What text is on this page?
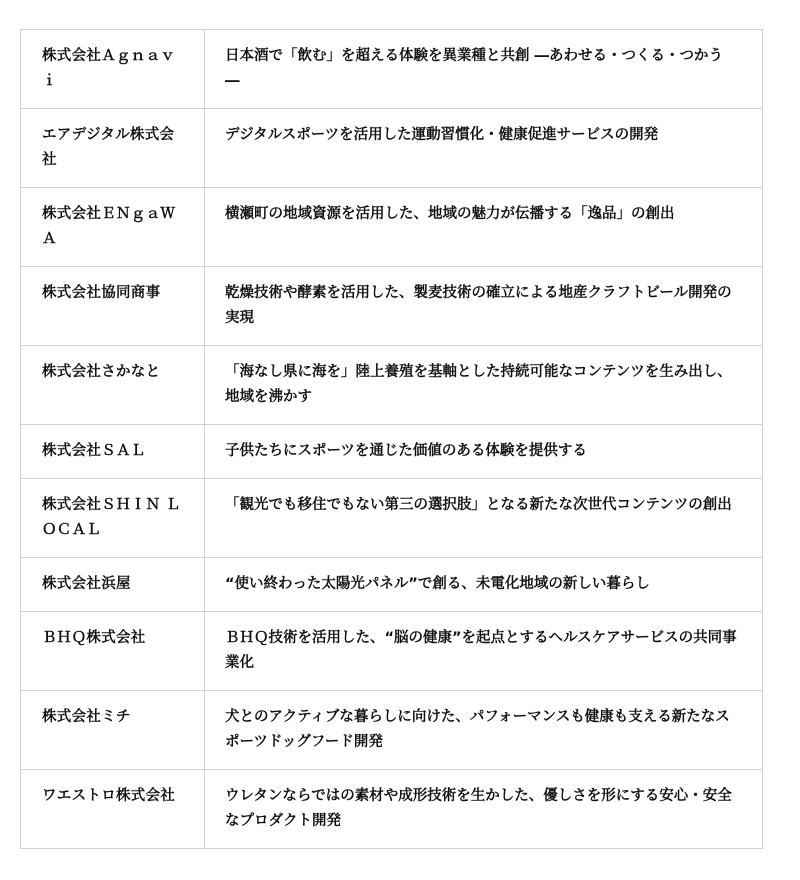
株式会社Ａｇｎａｖｉ	日本酒で「飲む」を超える体験を異業種と共創 ―あわせる・つくる・つかう ―
エアデジタル株式会社	デジタルスポーツを活用した運動習慣化・健康促進サービスの開発
株式会社ＥＮｇａＷＡ	横瀬町の地域資源を活用した、地域の魅力が伝播する「逸品」の創出
株式会社協同商事	乾燥技術や酵素を活用した、製麦技術の確立による地産クラフトビール開発の実現
株式会社さかなと	「海なし県に海を」陸上養殖を基軸とした持続可能なコンテンツを生み出し、地域を沸かす
株式会社ＳＡＬ	子供たちにスポーツを通じた価値のある体験を提供する
株式会社ＳＨＩＮ ＬＯＣＡＬ	「観光でも移住でもない第三の選択肢」となる新たな次世代コンテンツの創出
株式会社浜屋	“使い終わった太陽光パネル”で創る、未電化地域の新しい暮らし
ＢＨＱ株式会社	ＢＨＱ技術を活用した、“脳の健康”を起点とするヘルスケアサービスの共同事業化
株式会社ミチ	犬とのアクティブな暮らしに向けた、パフォーマンスも健康も支える新たなスポーツドッグフード開発
ワエストロ株式会社	ウレタンならではの素材や成形技術を生かした、優しさを形にする安心・安全なプロダクト開発
